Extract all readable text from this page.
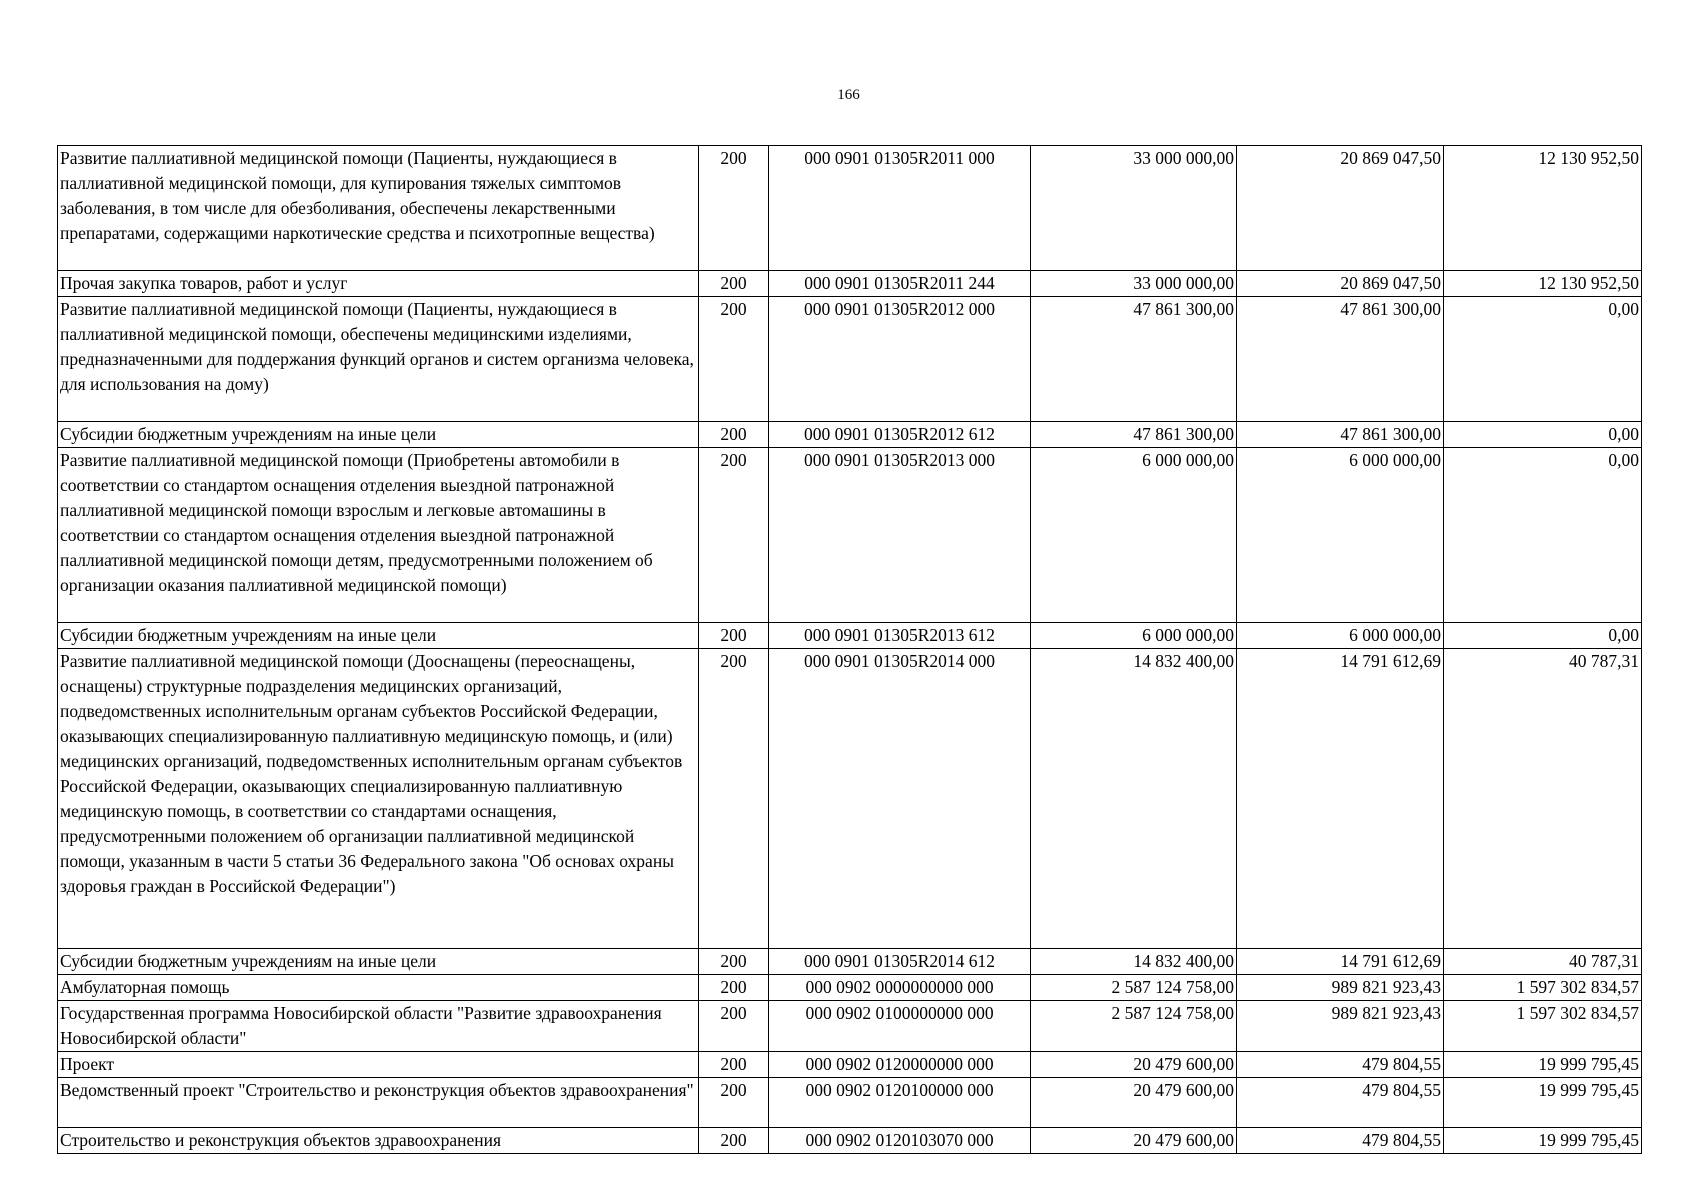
166
Развитие паллиативной медицинской помощи (Пациенты, нуждающиеся в паллиативной медицинской помощи, для купирования тяжелых симптомов заболевания, в том числе для обезболивания, обеспечены лекарственными препаратами, содержащими наркотические средства и психотропные вещества)	200	000 0901 01305R2011 000	33 000 000,00	20 869 047,50	12 130 952,50
Прочая закупка товаров, работ и услуг	200	000 0901 01305R2011 244	33 000 000,00	20 869 047,50	12 130 952,50
Развитие паллиативной медицинской помощи (Пациенты, нуждающиеся в паллиативной медицинской помощи, обеспечены медицинскими изделиями, предназначенными для поддержания функций органов и систем организма человека, для использования на дому)	200	000 0901 01305R2012 000	47 861 300,00	47 861 300,00	0,00
Субсидии бюджетным учреждениям на иные цели	200	000 0901 01305R2012 612	47 861 300,00	47 861 300,00	0,00
Развитие паллиативной медицинской помощи (Приобретены автомобили в соответствии со стандартом оснащения отделения выездной патронажной паллиативной медицинской помощи взрослым и легковые автомашины в соответствии со стандартом оснащения отделения выездной патронажной паллиативной медицинской помощи детям, предусмотренными положением об организации оказания паллиативной медицинской помощи)	200	000 0901 01305R2013 000	6 000 000,00	6 000 000,00	0,00
Субсидии бюджетным учреждениям на иные цели	200	000 0901 01305R2013 612	6 000 000,00	6 000 000,00	0,00
Развитие паллиативной медицинской помощи (Дооснащены (переоснащены, оснащены) структурные подразделения медицинских организаций, подведомственных исполнительным органам субъектов Российской Федерации, оказывающих специализированную паллиативную медицинскую помощь, и (или) медицинских организаций, подведомственных исполнительным органам субъектов Российской Федерации, оказывающих специализированную паллиативную медицинскую помощь, в соответствии со стандартами оснащения, предусмотренными положением об организации паллиативной медицинской помощи, указанным в части 5 статьи 36 Федерального закона "Об основах охраны здоровья граждан в Российской Федерации")	200	000 0901 01305R2014 000	14 832 400,00	14 791 612,69	40 787,31
Субсидии бюджетным учреждениям на иные цели	200	000 0901 01305R2014 612	14 832 400,00	14 791 612,69	40 787,31
Амбулаторная помощь	200	000 0902 0000000000 000	2 587 124 758,00	989 821 923,43	1 597 302 834,57
Государственная программа Новосибирской области "Развитие здравоохранения Новосибирской области"	200	000 0902 0100000000 000	2 587 124 758,00	989 821 923,43	1 597 302 834,57
Проект	200	000 0902 0120000000 000	20 479 600,00	479 804,55	19 999 795,45
Ведомственный проект "Строительство и реконструкция объектов здравоохранения"	200	000 0902 0120100000 000	20 479 600,00	479 804,55	19 999 795,45
Строительство и реконструкция объектов здравоохранения	200	000 0902 0120103070 000	20 479 600,00	479 804,55	19 999 795,45
